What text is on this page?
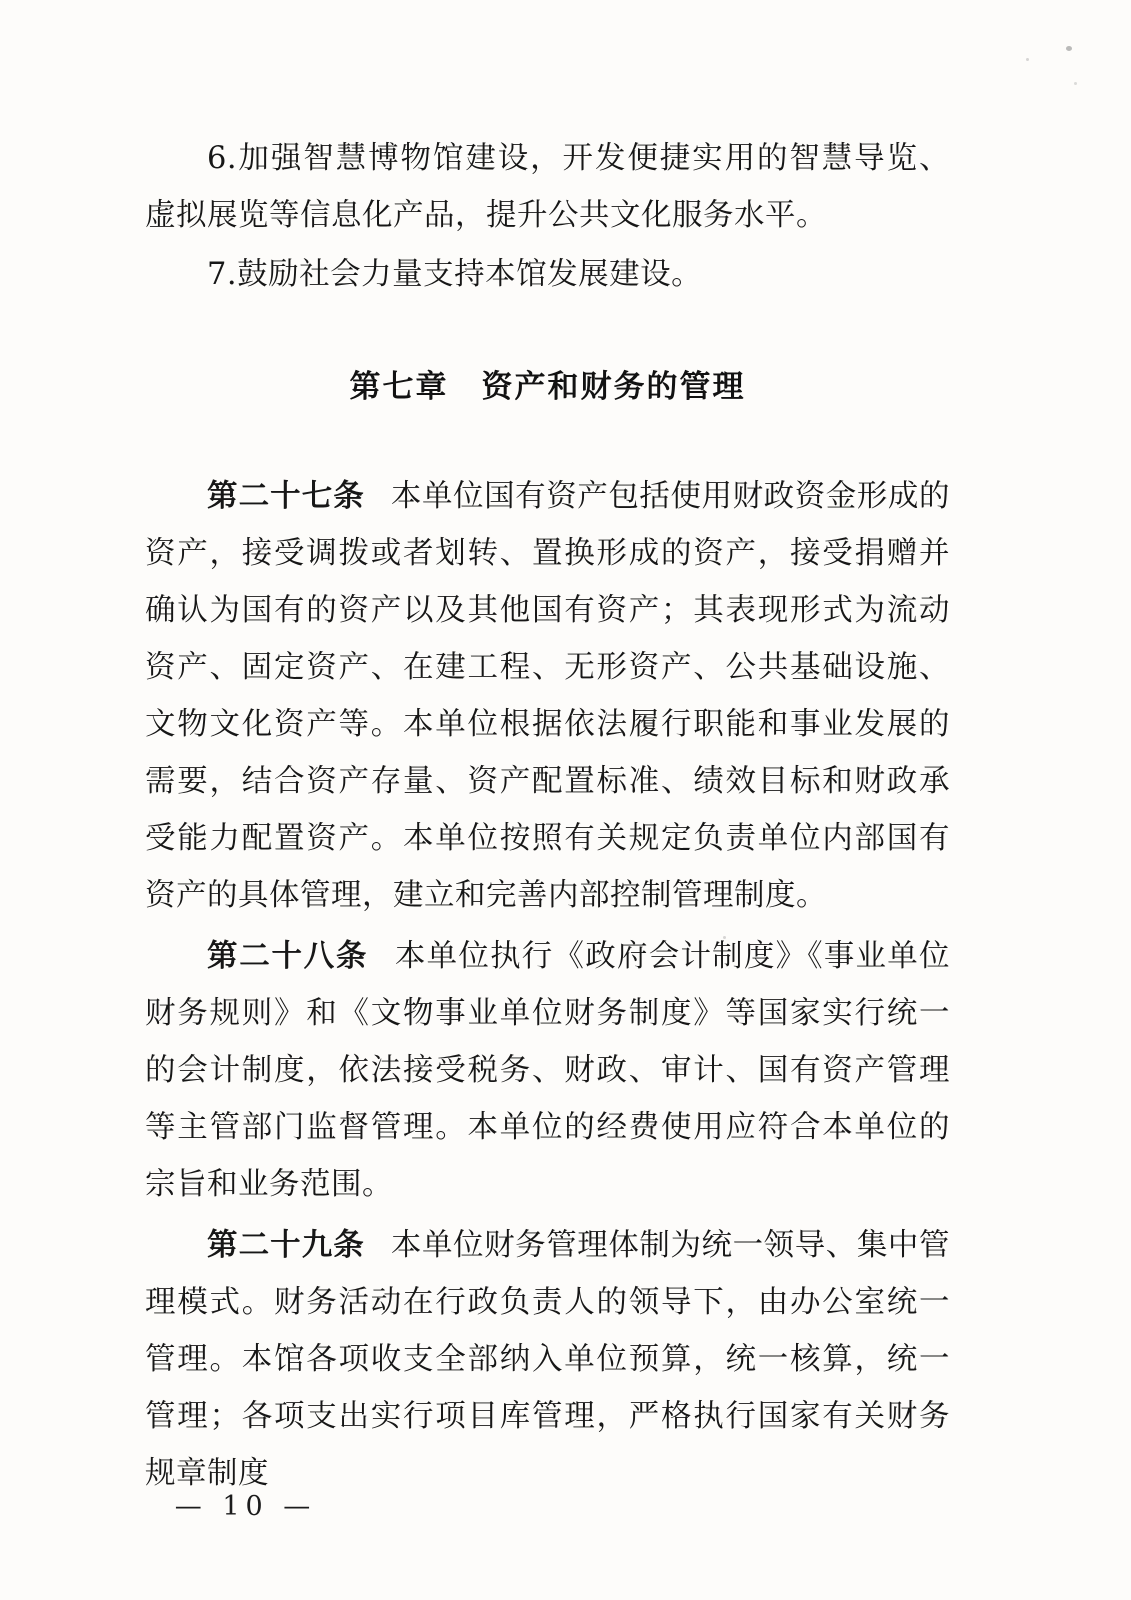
6.加强智慧博物馆建设，开发便捷实用的智慧导览、虚拟展览等信息化产品，提升公共文化服务水平。

7.鼓励社会力量支持本馆发展建设。

第七章　资产和财务的管理

第二十七条 本单位国有资产包括使用财政资金形成的资产，接受调拨或者划转、置换形成的资产，接受捐赠并确认为国有的资产以及其他国有资产；其表现形式为流动资产、固定资产、在建工程、无形资产、公共基础设施、文物文化资产等。本单位根据依法履行职能和事业发展的需要，结合资产存量、资产配置标准、绩效目标和财政承受能力配置资产。本单位按照有关规定负责单位内部国有资产的具体管理，建立和完善内部控制管理制度。

第二十八条 本单位执行《政府会计制度》《事业单位财务规则》和《文物事业单位财务制度》等国家实行统一的会计制度，依法接受税务、财政、审计、国有资产管理等主管部门监督管理。本单位的经费使用应符合本单位的宗旨和业务范围。

第二十九条 本单位财务管理体制为统一领导、集中管理模式。财务活动在行政负责人的领导下，由办公室统一管理。本馆各项收支全部纳入单位预算，统一核算，统一管理；各项支出实行项目库管理，严格执行国家有关财务规章制度

— 10 —
